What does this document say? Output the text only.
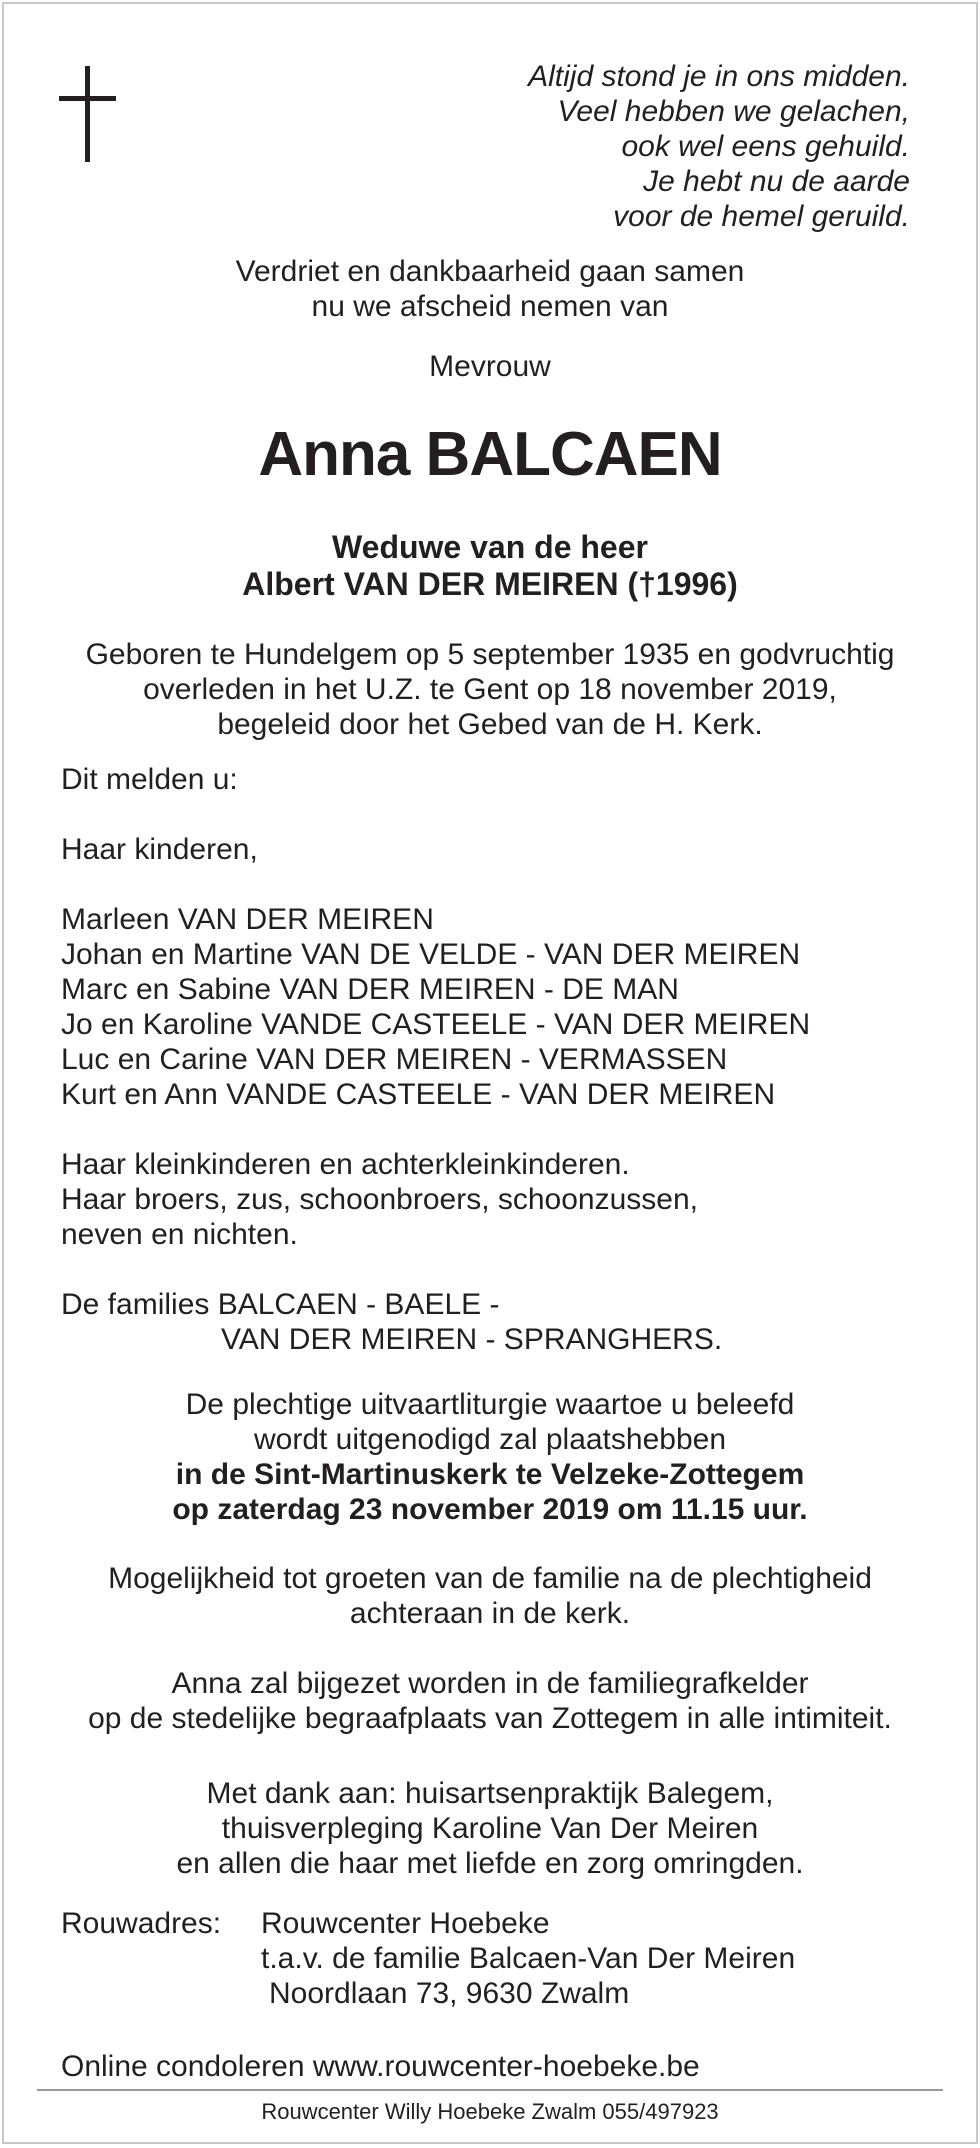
Altijd stond je in ons midden.
Veel hebben we gelachen,
ook wel eens gehuild.
Je hebt nu de aarde
voor de hemel geruild.
Verdriet en dankbaarheid gaan samen
nu we afscheid nemen van
Mevrouw
Anna BALCAEN
Weduwe van de heer
Albert VAN DER MEIREN (†1996)
Geboren te Hundelgem op 5 september 1935 en godvruchtig
overleden in het U.Z. te Gent op 18 november 2019,
begeleid door het Gebed van de H. Kerk.
Dit melden u:

Haar kinderen,

Marleen VAN DER MEIREN
Johan en Martine VAN DE VELDE - VAN DER MEIREN
Marc en Sabine VAN DER MEIREN - DE MAN
Jo en Karoline VANDE CASTEELE - VAN DER MEIREN
Luc en Carine VAN DER MEIREN - VERMASSEN
Kurt en Ann VANDE CASTEELE - VAN DER MEIREN

Haar kleinkinderen en achterkleinkinderen.
Haar broers, zus, schoonbroers, schoonzussen,
neven en nichten.

De families BALCAEN - BAELE -
VAN DER MEIREN - SPRANGHERS.
De plechtige uitvaartliturgie waartoe u beleefd
wordt uitgenodigd zal plaatshebben
in de Sint-Martinuskerk te Velzeke-Zottegem
op zaterdag 23 november 2019 om 11.15 uur.
Mogelijkheid tot groeten van de familie na de plechtigheid
achteraan in de kerk.
Anna zal bijgezet worden in de familiegrafkelder
op de stedelijke begraafplaats van Zottegem in alle intimiteit.
Met dank aan: huisartsenpraktijk Balegem,
thuisverpleging Karoline Van Der Meiren
en allen die haar met liefde en zorg omringden.
Rouwadres: Rouwcenter Hoebeke
t.a.v. de familie Balcaen-Van Der Meiren
Noordlaan 73, 9630 Zwalm
Online condoleren www.rouwcenter-hoebeke.be
Rouwcenter Willy Hoebeke Zwalm 055/497923
